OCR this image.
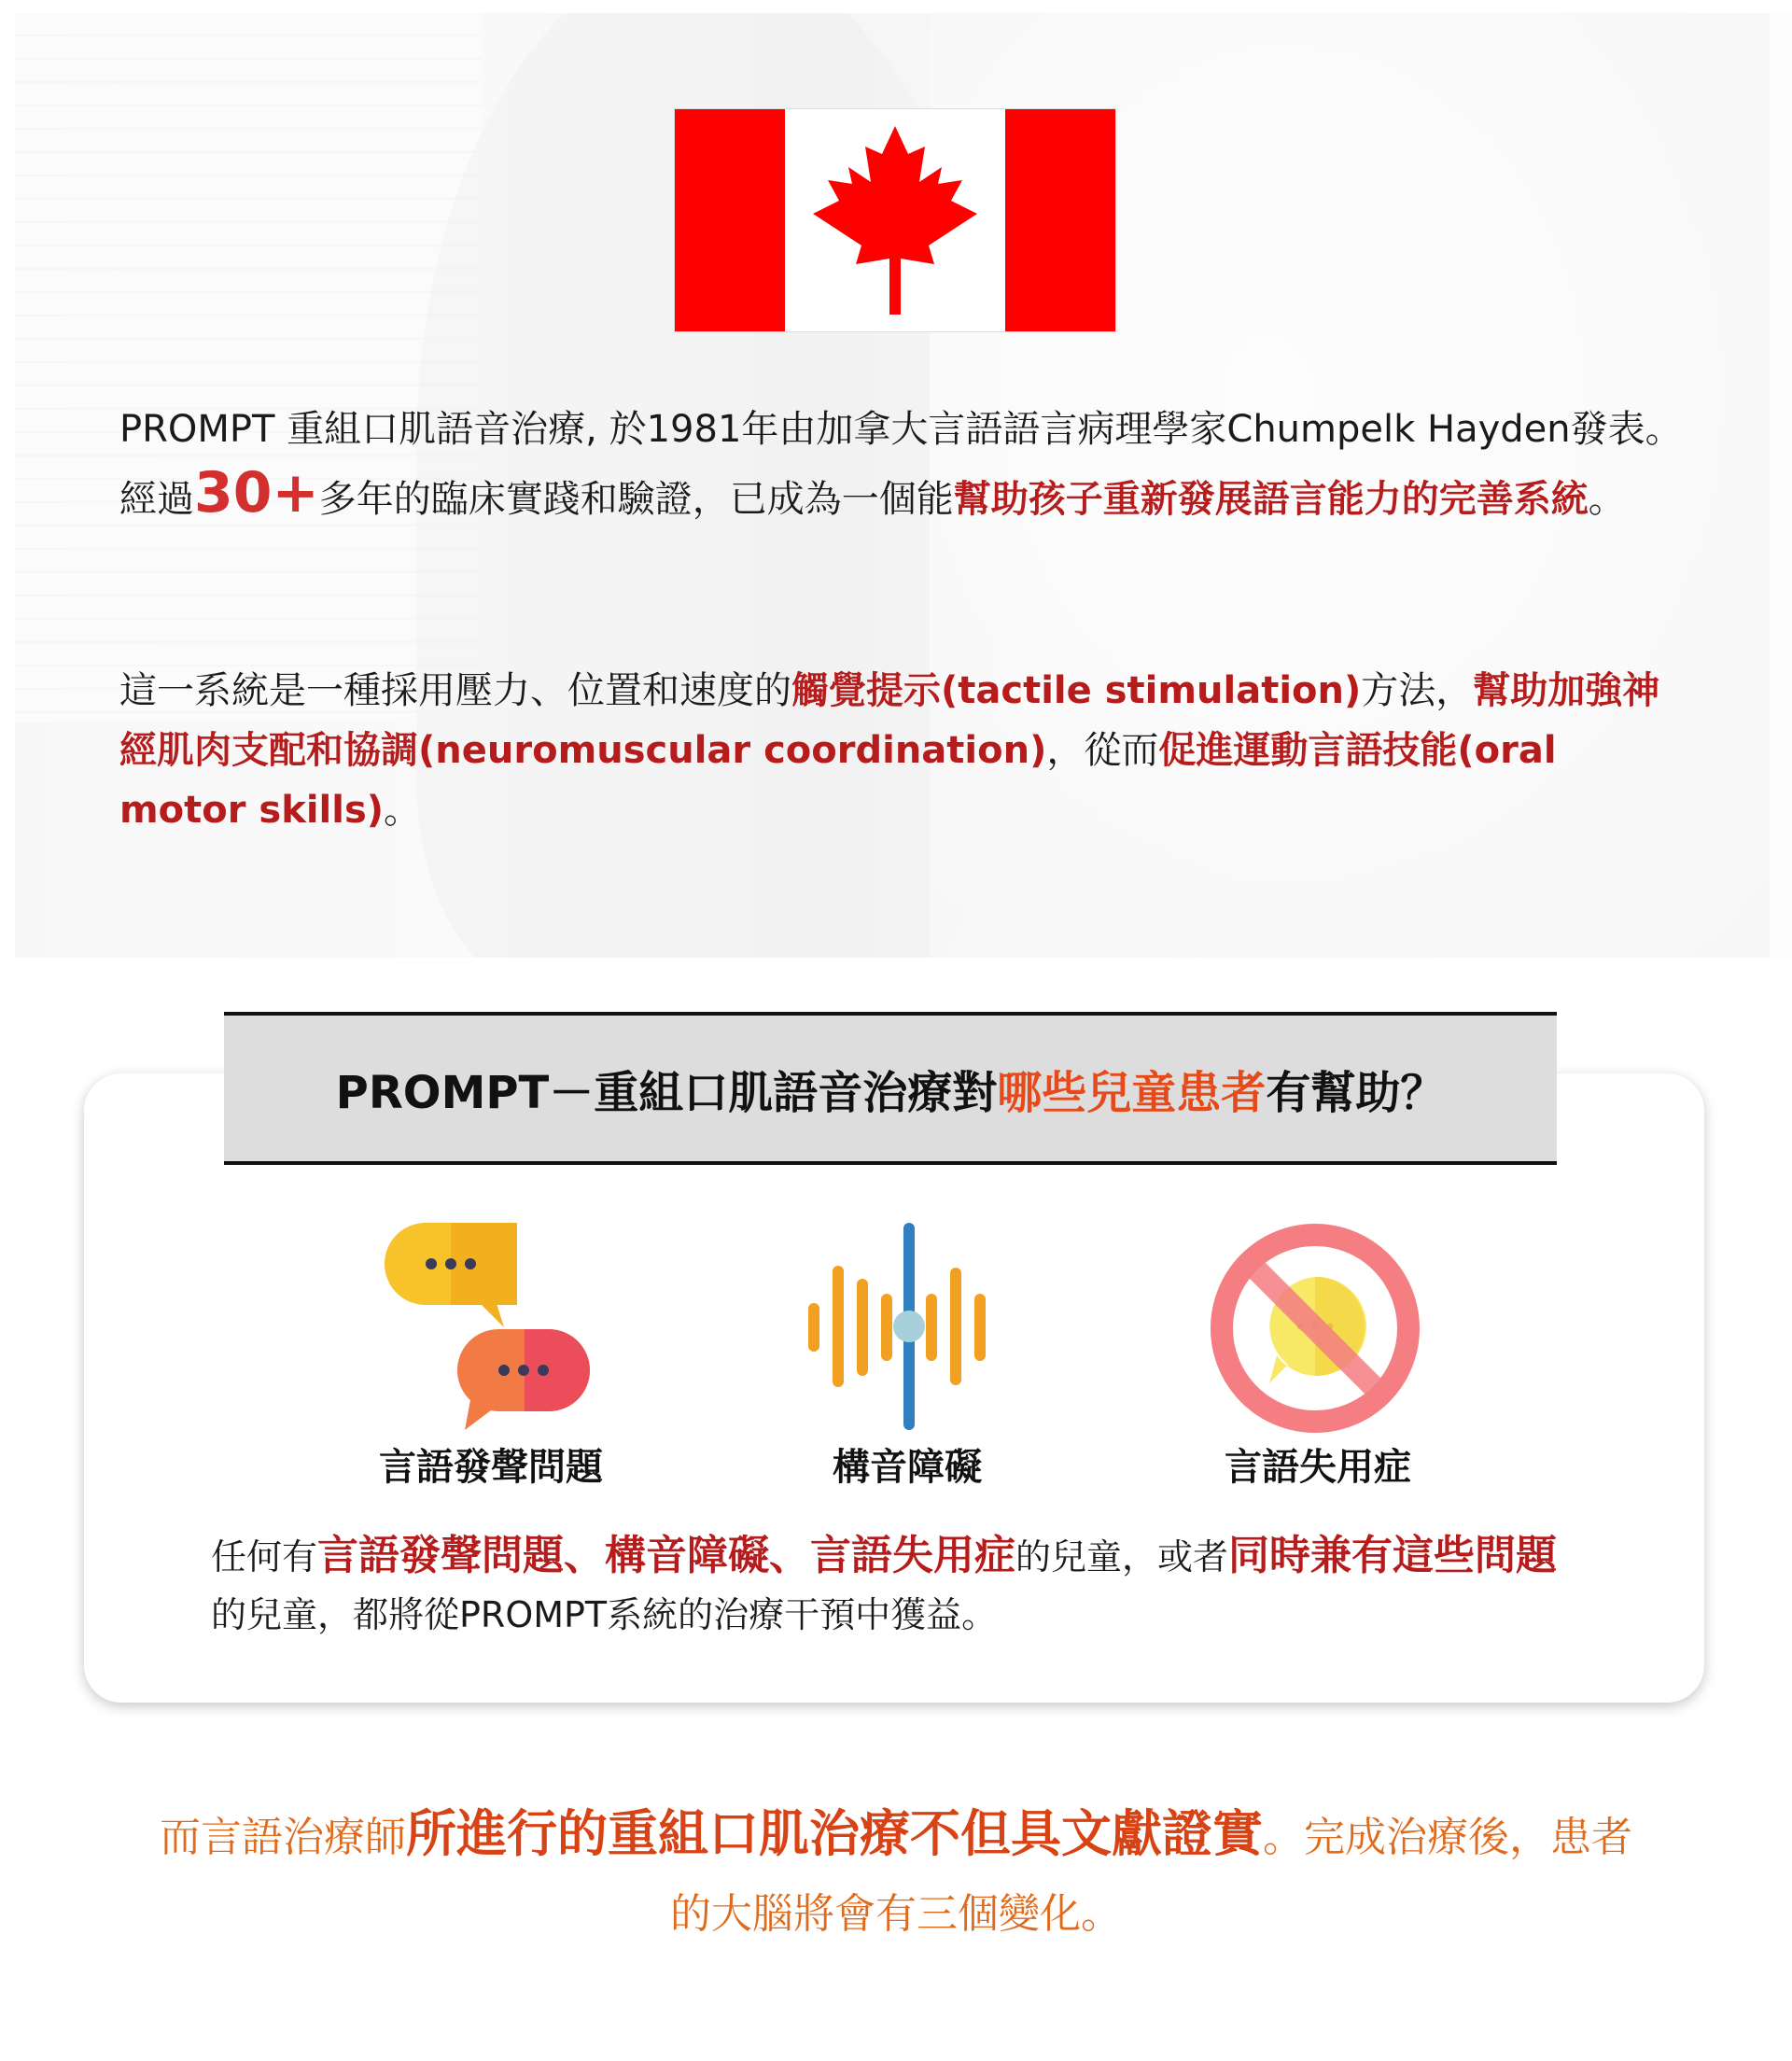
PROMPT 重組口肌語音治療, 於1981年由加拿大言語語言病理學家Chumpelk Hayden發表。經過30+多年的臨床實踐和驗證，已成為一個能幫助孩子重新發展語言能力的完善系統。
這一系統是一種採用壓力、位置和速度的觸覺提示(tactile stimulation)方法，幫助加強神經肌肉支配和協調(neuromuscular coordination)，從而促進運動言語技能(oral motor skills)。
PROMPT－重組口肌語音治療對 哪些兒童患者 有幫助？
言語發聲問題	構音障礙	言語失用症
任何有言語發聲問題、構音障礙、言語失用症的兒童，或者同時兼有這些問題的兒童，都將從PROMPT系統的治療干預中獲益。
而言語治療師所進行的重組口肌治療不但具文獻證實。完成治療後，患者的大腦將會有三個變化。
